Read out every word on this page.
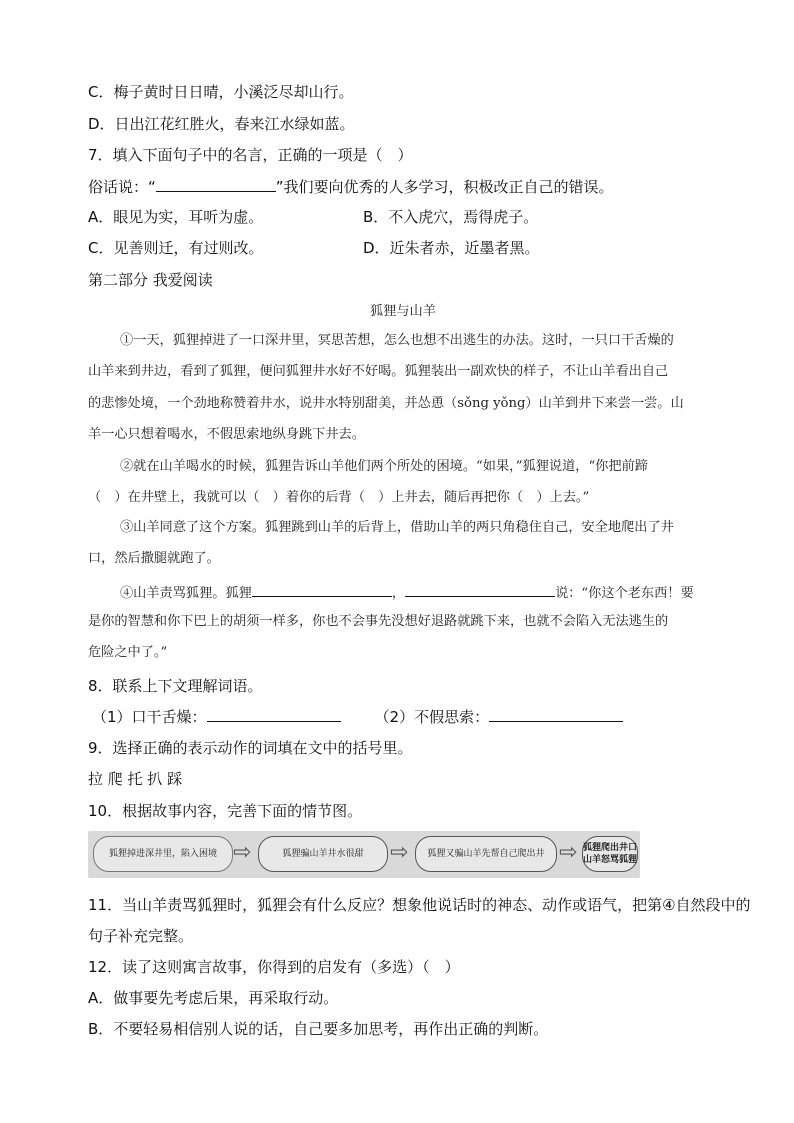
C．梅子黄时日日晴，小溪泛尽却山行。
D．日出江花红胜火，春来江水绿如蓝。
7．填入下面句子中的名言，正确的一项是（　）
俗话说：“	”我们要向优秀的人多学习，积极改正自己的错误。
A．眼见为实，耳听为虚。	B．不入虎穴，焉得虎子。
C．见善则迁，有过则改。	D．近朱者赤，近墨者黑。
第二部分 我爱阅读
狐狸与山羊
①一天，狐狸掉进了一口深井里，冥思苦想，怎么也想不出逃生的办法。这时，一只口干舌燥的
山羊来到井边，看到了狐狸，便问狐狸井水好不好喝。狐狸装出一副欢快的样子，不让山羊看出自己
的悲惨处境，一个劲地称赞着井水，说井水特别甜美，并怂恿（sǒng yǒng）山羊到井下来尝一尝。山
羊一心只想着喝水，不假思索地纵身跳下井去。
②就在山羊喝水的时候，狐狸告诉山羊他们两个所处的困境。“如果，”狐狸说道，“你把前蹄
（　）在井壁上，我就可以（　）着你的后背（　）上井去，随后再把你（　）上去。”
③山羊同意了这个方案。狐狸跳到山羊的后背上，借助山羊的两只角稳住自己，安全地爬出了井
口，然后撒腿就跑了。
④山羊责骂狐狸。狐狸	，	说：“你这个老东西！要
是你的智慧和你下巴上的胡须一样多，你也不会事先没想好退路就跳下来，也就不会陷入无法逃生的
危险之中了。”
8．联系上下文理解词语。
（1）口干舌燥：	（2）不假思索：
9．选择正确的表示动作的词填在文中的括号里。
拉 爬 托 扒 踩
10．根据故事内容，完善下面的情节图。
狐狸掉进深井里，陷入困境 ⇨	狐狸骗山羊井水很甜	⇨	狐狸又骗山羊先帮自己爬出井 ⇨ 狐狸爬出井口
山羊怒骂狐狸
11．当山羊责骂狐狸时，狐狸会有什么反应？想象他说话时的神态、动作或语气，把第④自然段中的
句子补充完整。
12．读了这则寓言故事，你得到的启发有（多选）（　）
A．做事要先考虑后果，再采取行动。
B．不要轻易相信别人说的话，自己要多加思考，再作出正确的判断。
